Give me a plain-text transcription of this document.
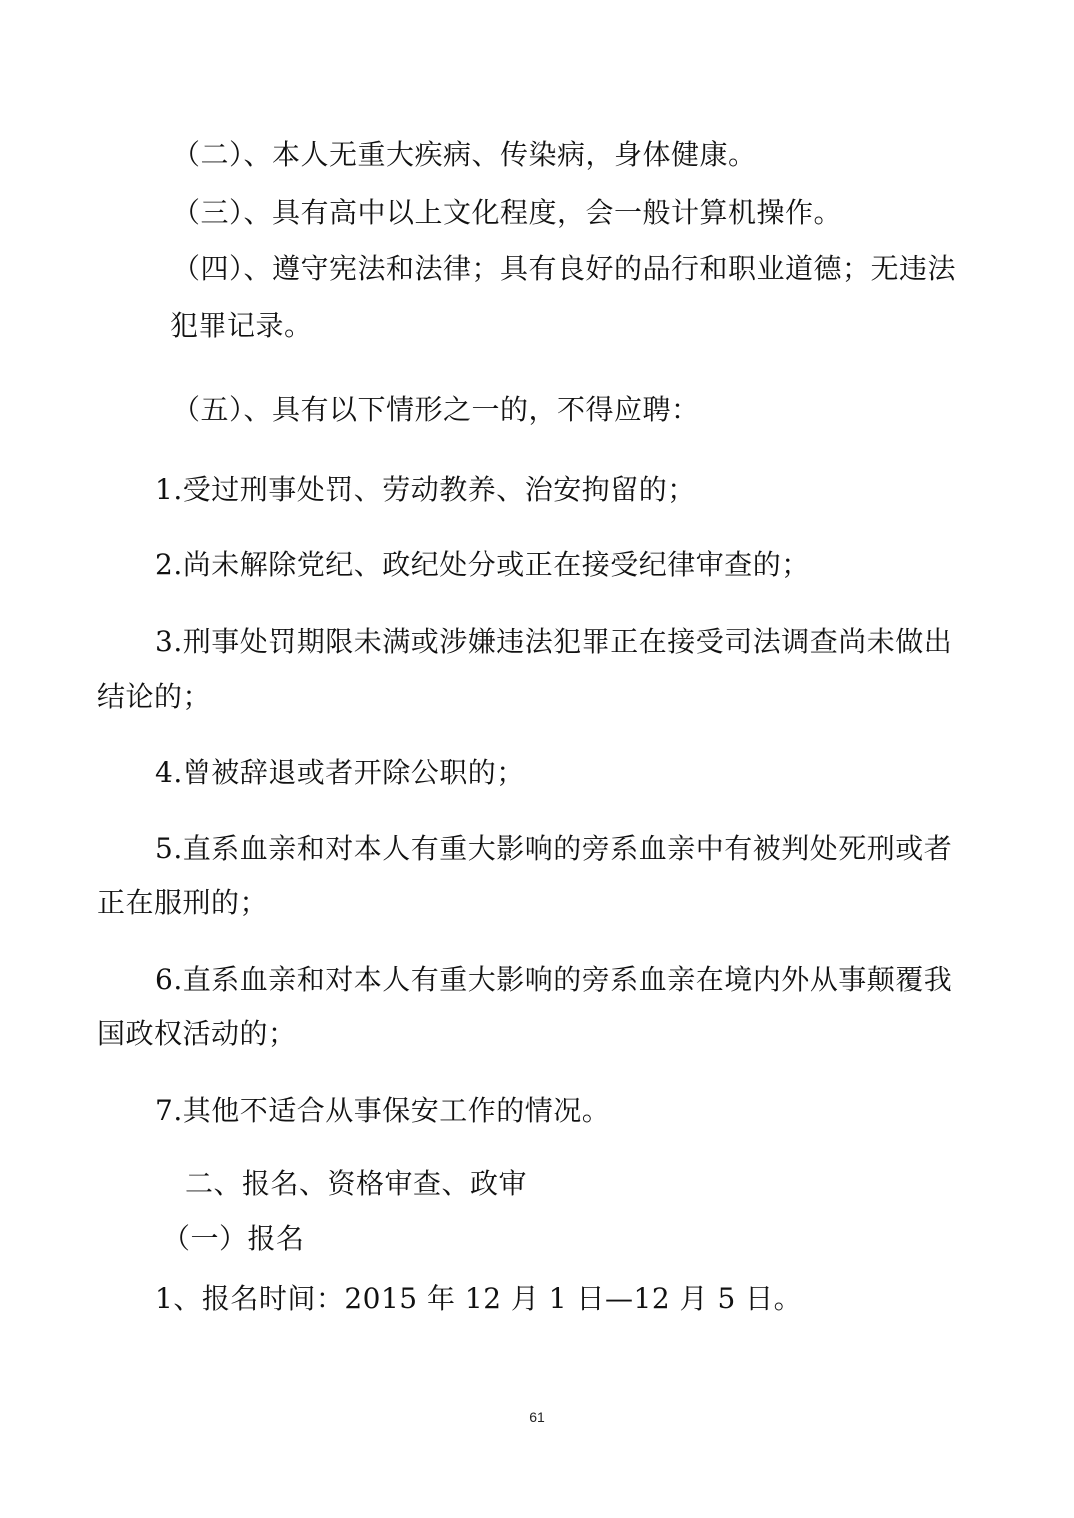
（二）、本人无重大疾病、传染病，身体健康。
（三）、具有高中以上文化程度，会一般计算机操作。
（四）、遵守宪法和法律；具有良好的品行和职业道德；无违法
犯罪记录。
（五）、具有以下情形之一的，不得应聘：
1.受过刑事处罚、劳动教养、治安拘留的；
2.尚未解除党纪、政纪处分或正在接受纪律审查的；
3.刑事处罚期限未满或涉嫌违法犯罪正在接受司法调查尚未做出
结论的；
4.曾被辞退或者开除公职的；
5.直系血亲和对本人有重大影响的旁系血亲中有被判处死刑或者
正在服刑的；
6.直系血亲和对本人有重大影响的旁系血亲在境内外从事颠覆我
国政权活动的；
7.其他不适合从事保安工作的情况。
二、报名、资格审查、政审
（一）报名
1、报名时间：2015 年 12 月 1 日—12 月 5 日。
61
